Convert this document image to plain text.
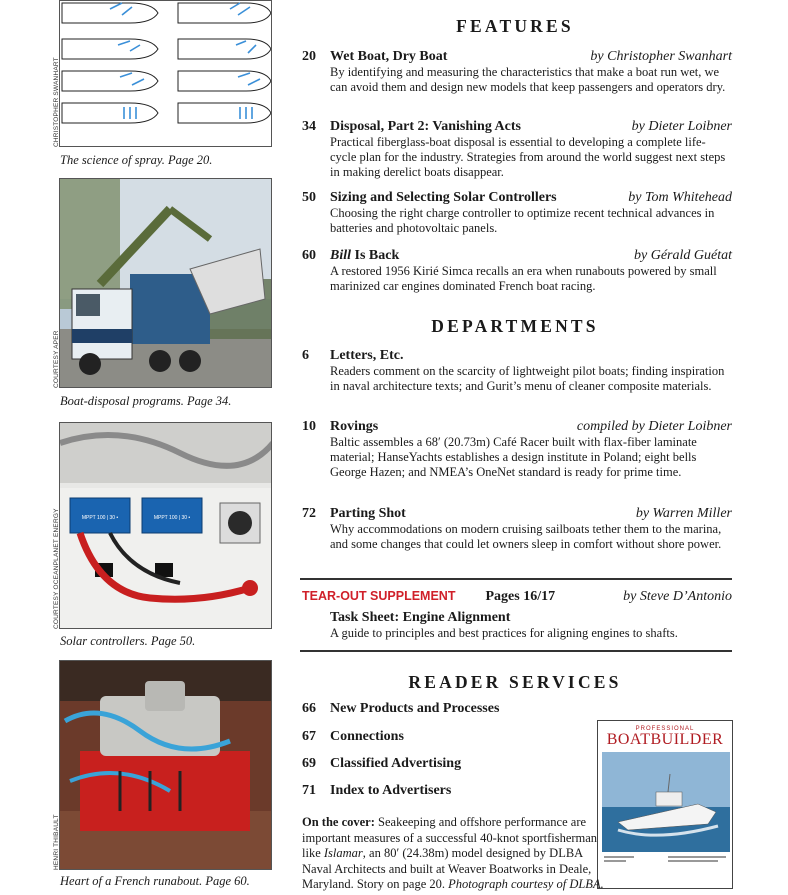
CHRISTOPHER SWANHART
The science of spray. Page 20.
COURTESY APER
Boat-disposal programs. Page 34.
MPPT 100 | 30 •	MPPT 100 | 30 •
COURTESY OCEANPLANET ENERGY
Solar controllers. Page 50.
HENRI THIBAULT
Heart of a French runabout. Page 60.
FEATURES
20	Wet Boat, Dry Boat	by Christopher Swanhart
By identifying and measuring the characteristics that make a boat run wet, we can avoid them and design new models that keep passengers and operators dry.
34	Disposal, Part 2: Vanishing Acts	by Dieter Loibner
Practical fiberglass-boat disposal is essential to developing a complete life-cycle plan for the industry. Strategies from around the world suggest next steps in making derelict boats disappear.
50	Sizing and Selecting Solar Controllers	by Tom Whitehead
Choosing the right charge controller to optimize recent technical advances in batteries and photovoltaic panels.
60	Bill Is Back	by Gérald Guétat
A restored 1956 Kirié Simca recalls an era when runabouts powered by small marinized car engines dominated French boat racing.
DEPARTMENTS
6	Letters, Etc.
Readers comment on the scarcity of lightweight pilot boats; finding inspiration in naval architecture texts; and Gurit’s menu of cleaner composite materials.
10	Rovings	compiled by Dieter Loibner
Baltic assembles a 68′ (20.73m) Café Racer built with flax-fiber laminate material; HanseYachts establishes a design institute in Poland; eight bells George Hazen; and NMEA’s OneNet standard is ready for prime time.
72	Parting Shot	by Warren Miller
Why accommodations on modern cruising sailboats tether them to the marina, and some changes that could let owners sleep in comfort without shore power.
TEAR-OUT SUPPLEMENT Pages 16/17	by Steve D’Antonio
Task Sheet: Engine Alignment
A guide to principles and best practices for aligning engines to shafts.
READER SERVICES
66	New Products and Processes
67	Connections
69	Classified Advertising
71	Index to Advertisers
PROFESSIONAL
BOATBUILDER
On the cover: Seakeeping and offshore performance are important measures of a successful 40-knot sportfisherman like Islamar, an 80′ (24.38m) model designed by DLBA Naval Architects and built at Weaver Boatworks in Deale, Maryland. Story on page 20. Photograph courtesy of DLBA.
